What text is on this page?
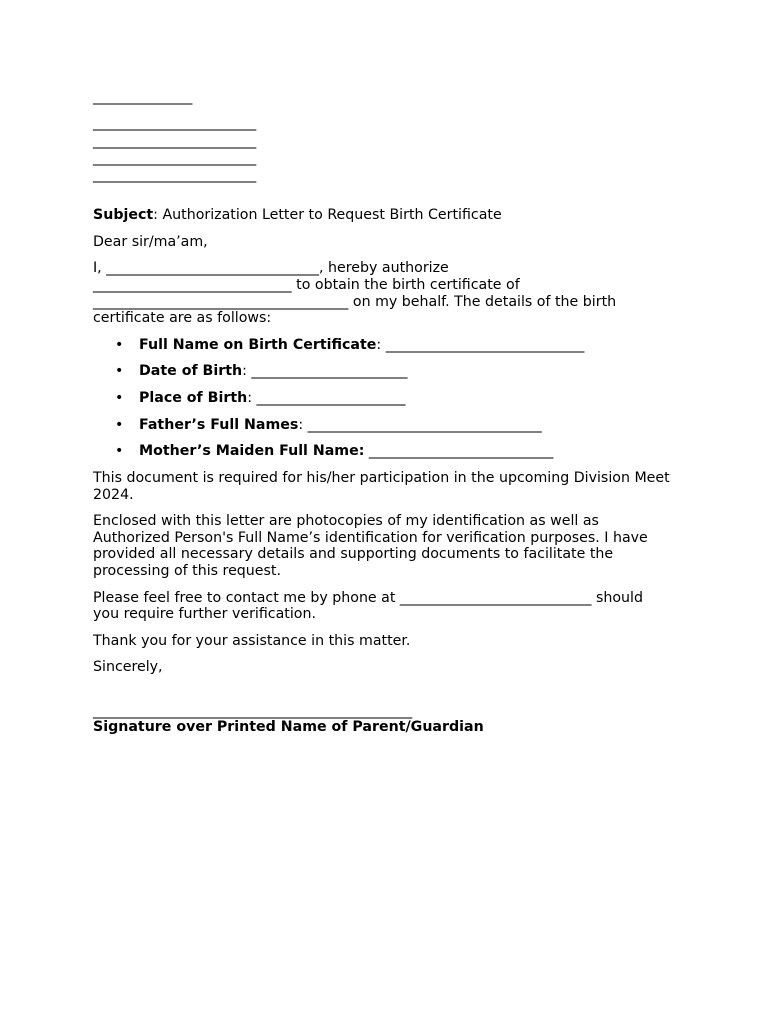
______________
_______________________
_______________________
_______________________
_______________________
Subject: Authorization Letter to Request Birth Certificate
Dear sir/ma’am,
I, ______________________________, hereby authorize
____________________________ to obtain the birth certificate of
____________________________________ on my behalf. The details of the birth
certificate are as follows:

•

Full Name on Birth Certificate: ____________________________

•

Date of Birth: ______________________

•

Place of Birth: _____________________

•

Father’s Full Names: _________________________________

•

Mother’s Maiden Full Name: __________________________

This document is required for his/her participation in the upcoming Division Meet
2024.
Enclosed with this letter are photocopies of my identification as well as
Authorized Person's Full Name’s identification for verification purposes. I have
provided all necessary details and supporting documents to facilitate the
processing of this request.
Please feel free to contact me by phone at ___________________________ should
you require further verification.
Thank you for your assistance in this matter.
Sincerely,
_____________________________________________
Signature over Printed Name of Parent/Guardian
